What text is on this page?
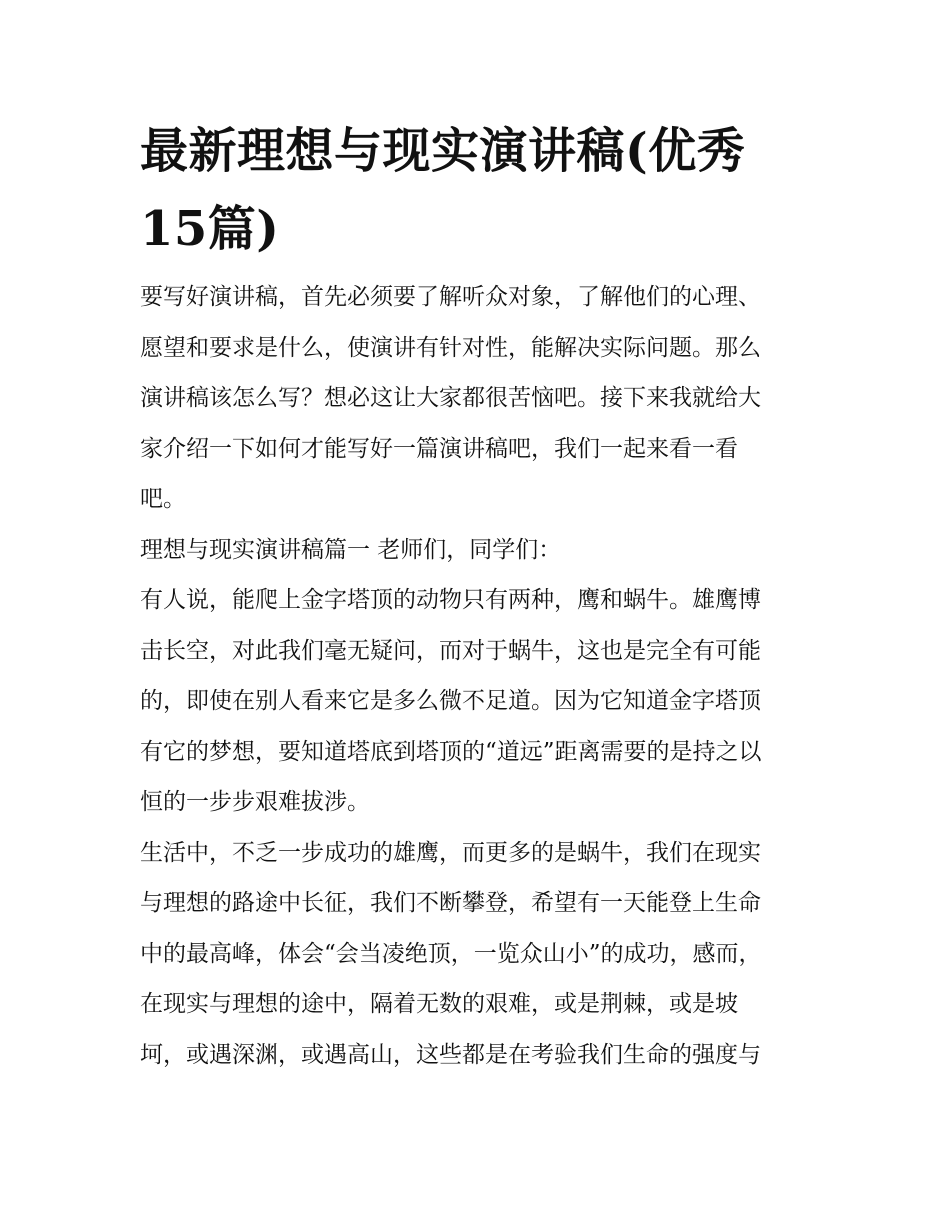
最新理想与现实演讲稿(优秀
15篇)

要写好演讲稿，首先必须要了解听众对象，了解他们的心理、
愿望和要求是什么，使演讲有针对性，能解决实际问题。那么
演讲稿该怎么写？想必这让大家都很苦恼吧。接下来我就给大
家介绍一下如何才能写好一篇演讲稿吧，我们一起来看一看
吧。

理想与现实演讲稿篇一 老师们，同学们：

有人说，能爬上金字塔顶的动物只有两种，鹰和蜗牛。雄鹰博
击长空，对此我们毫无疑问，而对于蜗牛，这也是完全有可能
的，即使在别人看来它是多么微不足道。因为它知道金字塔顶
有它的梦想，要知道塔底到塔顶的“道远”距离需要的是持之以
恒的一步步艰难拔涉。

生活中，不乏一步成功的雄鹰，而更多的是蜗牛，我们在现实
与理想的路途中长征，我们不断攀登，希望有一天能登上生命
中的最高峰，体会“会当凌绝顶，一览众山小”的成功，感而，
在现实与理想的途中，隔着无数的艰难，或是荆棘，或是坡
坷，或遇深渊，或遇高山，这些都是在考验我们生命的强度与
